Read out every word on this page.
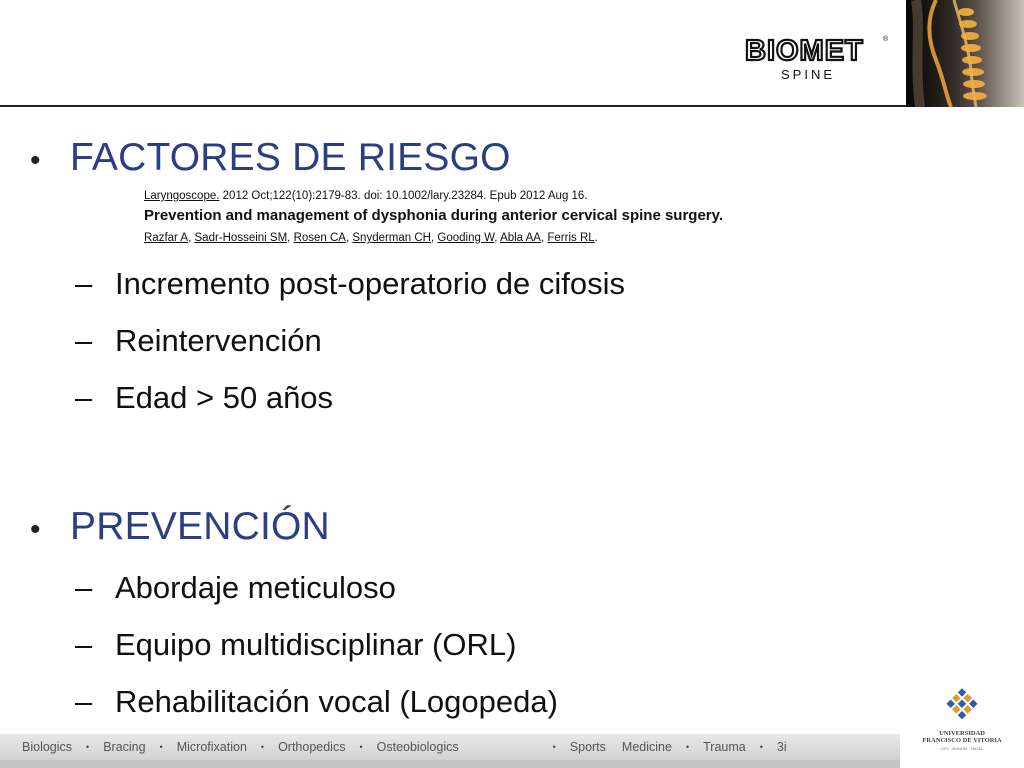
BIOMET	®
SPINE
• FACTORES DE RIESGO
Laryngoscope. 2012 Oct;122(10):2179-83. doi: 10.1002/lary.23284. Epub 2012 Aug 16.
Prevention and management of dysphonia during anterior cervical spine surgery.
Razfar A, Sadr-Hosseini SM, Rosen CA, Snyderman CH, Gooding W, Abla AA, Ferris RL.
– Incremento post-operatorio de cifosis
– Reintervención
– Edad > 50 años
• PREVENCIÓN
– Abordaje meticuloso
– Equipo multidisciplinar (ORL)
– Rehabilitación vocal (Logopeda)
Biologics • Bracing • Microfixation • Orthopedics • Osteobiologics	• Sports Medicine • Trauma • 3i
UNIVERSIDAD
FRANCISCO DE VITORIA
UFV · BONUM · NATAL
